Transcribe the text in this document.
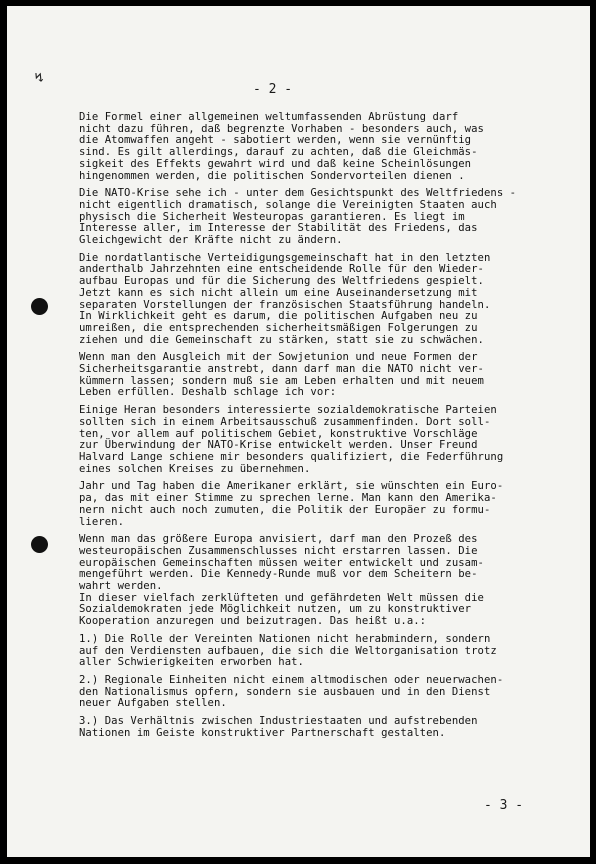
↯
- 2 -
Die Formel einer allgemeinen weltumfassenden Abrüstung darf
nicht dazu führen, daß begrenzte Vorhaben - besonders auch, was
die Atomwaffen angeht - sabotiert werden, wenn sie vernünftig
sind. Es gilt allerdings, darauf zu achten, daß die Gleichmäs-
sigkeit des Effekts gewahrt wird und daß keine Scheinlösungen
hingenommen werden, die politischen Sondervorteilen dienen .
Die NATO-Krise sehe ich - unter dem Gesichtspunkt des Weltfriedens -
nicht eigentlich dramatisch, solange die Vereinigten Staaten auch
physisch die Sicherheit Westeuropas garantieren. Es liegt im
Interesse aller, im Interesse der Stabilität des Friedens, das
Gleichgewicht der Kräfte nicht zu ändern.
Die nordatlantische Verteidigungsgemeinschaft hat in den letzten
anderthalb Jahrzehnten eine entscheidende Rolle für den Wieder-
aufbau Europas und für die Sicherung des Weltfriedens gespielt.
Jetzt kann es sich nicht allein um eine Auseinandersetzung mit
separaten Vorstellungen der französischen Staatsführung handeln.
In Wirklichkeit geht es darum, die politischen Aufgaben neu zu
umreißen, die entsprechenden sicherheitsmäßigen Folgerungen zu
ziehen und die Gemeinschaft zu stärken, statt sie zu schwächen.
Wenn man den Ausgleich mit der Sowjetunion und neue Formen der
Sicherheitsgarantie anstrebt, dann darf man die NATO nicht ver-
kümmern lassen; sondern muß sie am Leben erhalten und mit neuem
Leben erfüllen. Deshalb schlage ich vor:
Einige Heran besonders interessierte sozialdemokratische Parteien
sollten sich in einem Arbeitsausschuß zusammenfinden. Dort soll-
ten, vor allem auf politischem Gebiet, konstruktive Vorschläge
zur Überwindung der NATO-Krise entwickelt werden. Unser Freund
Halvard Lange schiene mir besonders qualifiziert, die Federführung
eines solchen Kreises zu übernehmen.
Jahr und Tag haben die Amerikaner erklärt, sie wünschten ein Euro-
pa, das mit einer Stimme zu sprechen lerne. Man kann den Amerika-
nern nicht auch noch zumuten, die Politik der Europäer zu formu-
lieren.
Wenn man das größere Europa anvisiert, darf man den Prozeß des
westeuropäischen Zusammenschlusses nicht erstarren lassen. Die
europäischen Gemeinschaften müssen weiter entwickelt und zusam-
mengeführt werden. Die Kennedy-Runde muß vor dem Scheitern be-
wahrt werden.
In dieser vielfach zerklüfteten und gefährdeten Welt müssen die
Sozialdemokraten jede Möglichkeit nutzen, um zu konstruktiver
Kooperation anzuregen und beizutragen. Das heißt u.a.:
1.) Die Rolle der Vereinten Nationen nicht herabmindern, sondern
auf den Verdiensten aufbauen, die sich die Weltorganisation trotz
aller Schwierigkeiten erworben hat.
2.) Regionale Einheiten nicht einem altmodischen oder neuerwachen-
den Nationalismus opfern, sondern sie ausbauen und in den Dienst
neuer Aufgaben stellen.
3.) Das Verhältnis zwischen Industriestaaten und aufstrebenden
Nationen im Geiste konstruktiver Partnerschaft gestalten.
- 3 -
